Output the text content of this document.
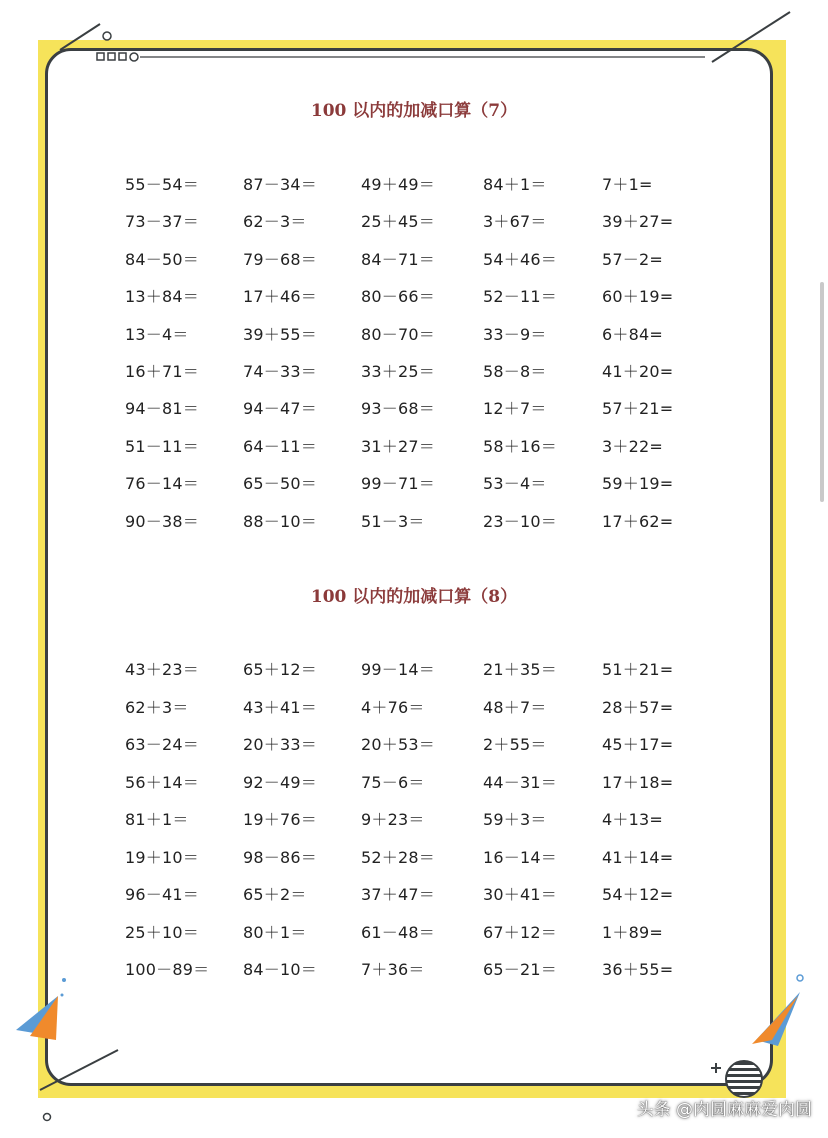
100 以内的加减口算（7）
55－54＝	87－34＝	49＋49＝	84＋1＝	7＋1=
73－37＝	62－3＝	25＋45＝	3＋67＝	39＋27=
84－50＝	79－68＝	84－71＝	54＋46＝	57－2=
13＋84＝	17＋46＝	80－66＝	52－11＝	60＋19=
13－4＝	39＋55＝	80－70＝	33－9＝	6＋84=
16＋71＝	74－33＝	33＋25＝	58－8＝	41＋20=
94－81＝	94－47＝	93－68＝	12＋7＝	57＋21=
51－11＝	64－11＝	31＋27＝	58＋16＝	3＋22=
76－14＝	65－50＝	99－71＝	53－4＝	59＋19=
90－38＝	88－10＝	51－3＝	23－10＝	17＋62=
100 以内的加减口算（8）
43＋23＝	65＋12＝	99－14＝	21＋35＝	51＋21=
62＋3＝	43＋41＝	4＋76＝	48＋7＝	28＋57=
63－24＝	20＋33＝	20＋53＝	2＋55＝	45＋17=
56＋14＝	92－49＝	75－6＝	44－31＝	17＋18=
81＋1＝	19＋76＝	9＋23＝	59＋3＝	4＋13=
19＋10＝	98－86＝	52＋28＝	16－14＝	41＋14=
96－41＝	65＋2＝	37＋47＝	30＋41＝	54＋12=
25＋10＝	80＋1＝	61－48＝	67＋12＝	1＋89=
100－89＝ 84－10＝	7＋36＝	65－21＝	36＋55=
头条 @肉圆麻麻爱肉圆
